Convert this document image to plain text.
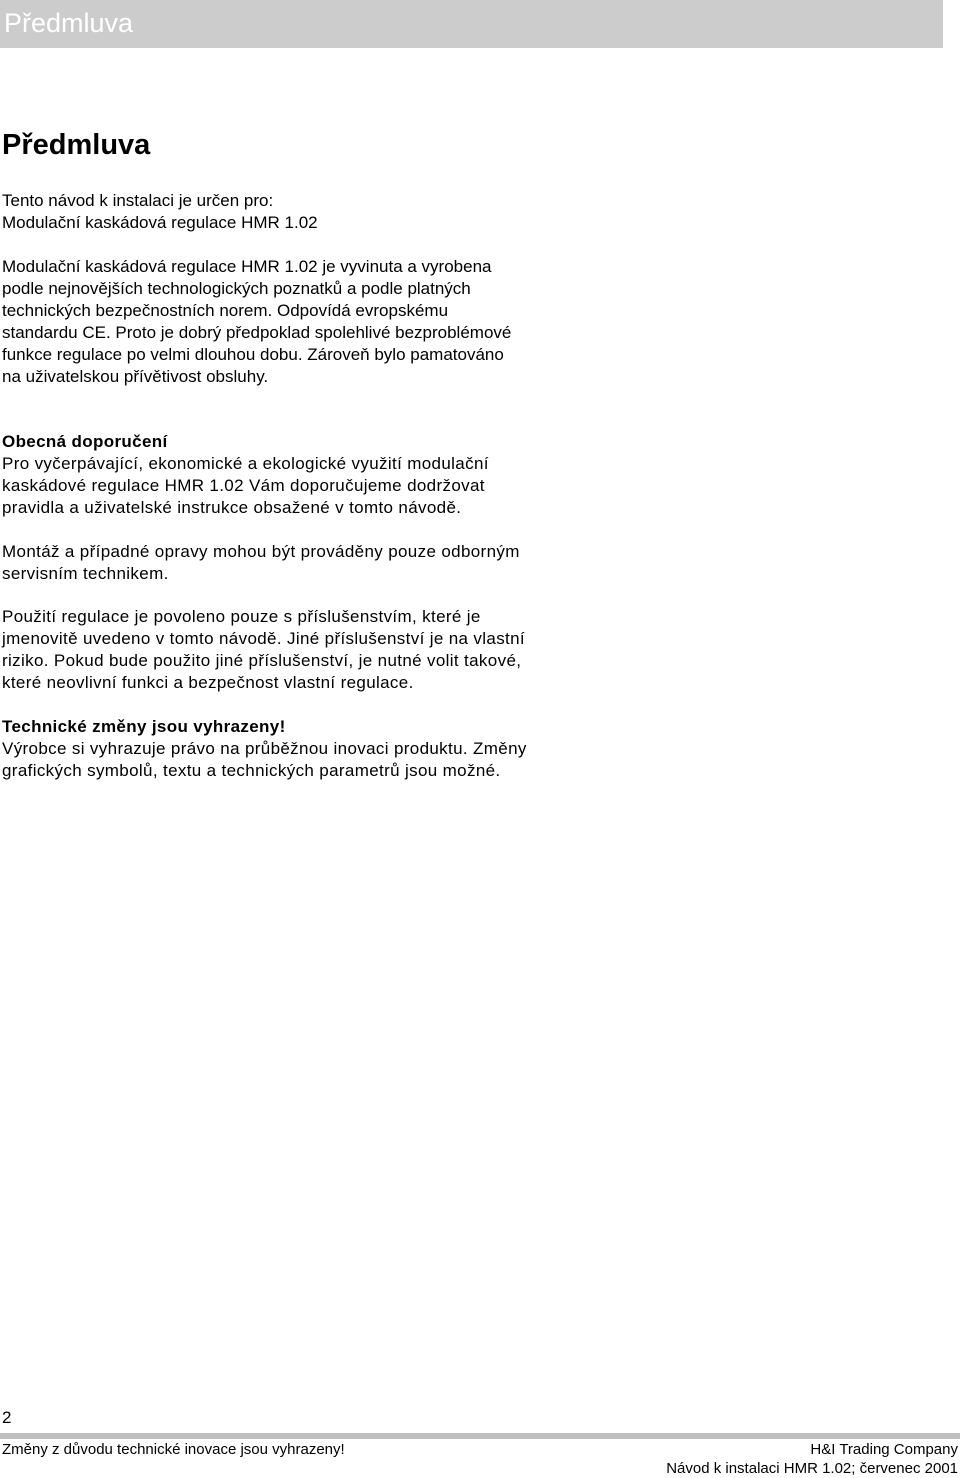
Předmluva
Předmluva
Tento návod k instalaci je určen pro:
Modulační kaskádová regulace HMR 1.02
Modulační kaskádová regulace HMR 1.02 je vyvinuta a vyrobena
podle nejnovějších technologických poznatků a podle platných
technických bezpečnostních norem. Odpovídá evropskému
standardu CE. Proto je dobrý předpoklad spolehlivé bezproblémové
funkce regulace po velmi dlouhou dobu. Zároveň bylo pamatováno
na uživatelskou přívětivost obsluhy.
Obecná doporučení
Pro vyčerpávající, ekonomické a ekologické využití modulační
kaskádové regulace HMR 1.02 Vám doporučujeme dodržovat
pravidla a uživatelské instrukce obsažené v tomto návodě.
Montáž a případné opravy mohou být prováděny pouze odborným
servisním technikem.
Použití regulace je povoleno pouze s příslušenstvím, které je
jmenovitě uvedeno v tomto návodě. Jiné příslušenství je na vlastní
riziko. Pokud bude použito jiné příslušenství, je nutné volit takové,
které neovlivní funkci a bezpečnost vlastní regulace.
Technické změny jsou vyhrazeny!
Výrobce si vyhrazuje právo na průběžnou inovaci produktu. Změny
grafických symbolů, textu a technických parametrů jsou možné.
2
Změny z důvodu technické inovace jsou vyhrazeny!	H&I Trading Company
Návod k instalaci HMR 1.02; červenec 2001
